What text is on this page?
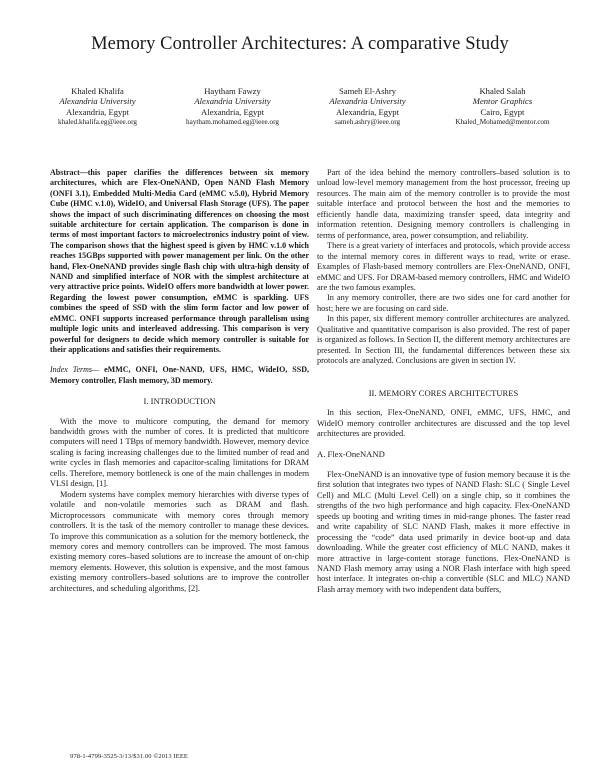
Memory Controller Architectures: A comparative Study
Khaled Khalifa
Alexandria University
Alexandria, Egypt
khaled.khalifa.eg@ieee.org
Haytham Fawzy
Alexandria University
Alexandria, Egypt
haytham.mohamed.eg@ieee.org
Sameh El-Ashry
Alexandria University
Alexandria, Egypt
sameh.ashry@ieee.org
Khaled Salah
Mentor Graphics
Cairo, Egypt
Khaled_Mohamed@mentor.com

Abstract—this paper clarifies the differences between six memory architectures, which are Flex-OneNAND, Open NAND Flash Memory (ONFI 3.1), Embedded Multi-Media Card (eMMC v.5.0), Hybrid Memory Cube (HMC v.1.0), WideIO, and Universal Flash Storage (UFS). The paper shows the impact of such discriminating differences on choosing the most suitable architecture for certain application. The comparison is done in terms of most important factors to microelectronics industry point of view. The comparison shows that the highest speed is given by HMC v.1.0 which reaches 15GBps supported with power management per link. On the other hand, Flex-OneNAND provides single flash chip with ultra-high density of NAND and simplified interface of NOR with the simplest architecture at very attractive price points. WideIO offers more bandwidth at lower power. Regarding the lowest power consumption, eMMC is sparkling. UFS combines the speed of SSD with the slim form factor and low power of eMMC. ONFI supports increased performance through parallelism using multiple logic units and interleaved addressing. This comparison is very powerful for designers to decide which memory controller is suitable for their applications and satisfies their requirements.

Index Terms— eMMC, ONFI, One-NAND, UFS, HMC, WideIO, SSD, Memory controller, Flash memory, 3D memory.

I. INTRODUCTION

With the move to multicore computing, the demand for memory bandwidth grows with the number of cores. It is predicted that multicore computers will need 1 TBps of memory bandwidth. However, memory device scaling is facing increasing challenges due to the limited number of read and write cycles in flash memories and capacitor-scaling limitations for DRAM cells. Therefore, memory bottleneck is one of the main challenges in modern VLSI design, [1].

Modern systems have complex memory hierarchies with diverse types of volatile and non-volatile memories such as DRAM and flash. Microprocessors communicate with memory cores through memory controllers. It is the task of the memory controller to manage these devices. To improve this communication as a solution for the memory bottleneck, the memory cores and memory controllers can be improved. The most famous existing memory cores–based solutions are to increase the amount of on-chip memory elements. However, this solution is expensive, and the most famous existing memory controllers–based solutions are to improve the controller architectures, and scheduling algorithms, [2].

Part of the idea behind the memory controllers–based solution is to unload low-level memory management from the host processor, freeing up resources. The main aim of the memory controller is to provide the most suitable interface and protocol between the host and the memories to efficiently handle data, maximizing transfer speed, data integrity and information retention. Designing memory controllers is challenging in terms of performance, area, power consumption, and reliability.

There is a great variety of interfaces and protocols, which provide access to the internal memory cores in different ways to read, write or erase. Examples of Flash-based memory controllers are Flex-OneNAND, ONFI, eMMC and UFS. For DRAM-based memory controllers, HMC and WideIO are the two famous examples.

In any memory controller, there are two sides one for card another for host; here we are focusing on card side.

In this paper, six different memory controller architectures are analyzed. Qualitative and quantitative comparison is also provided. The rest of paper is organized as follows. In Section II, the different memory architectures are presented. In Section III, the fundamental differences between these six protocols are analyzed. Conclusions are given in section IV.

II. MEMORY CORES ARCHITECTURES

In this section, Flex-OneNAND, ONFI, eMMC, UFS, HMC, and WideIO memory controller architectures are discussed and the top level architectures are provided.

A. Flex-OneNAND

Flex-OneNAND is an innovative type of fusion memory because it is the first solution that integrates two types of NAND Flash: SLC ( Single Level Cell) and MLC (Multi Level Cell) on a single chip, so it combines the strengths of the two high performance and high capacity. Flex-OneNAND speeds up booting and writing times in mid-range phones. The faster read and write capability of SLC NAND Flash, makes it more effective in processing the “code” data used primarily in device boot-up and data downloading. While the greater cost efficiency of MLC NAND, makes it more attractive in large-content storage functions. Flex-OneNAND is NAND Flash memory array using a NOR Flash interface with high speed host interface. It integrates on-chip a convertible (SLC and MLC) NAND Flash array memory with two independent data buffers,

978-1-4799-3525-3/13/$31.00 ©2013 IEEE
